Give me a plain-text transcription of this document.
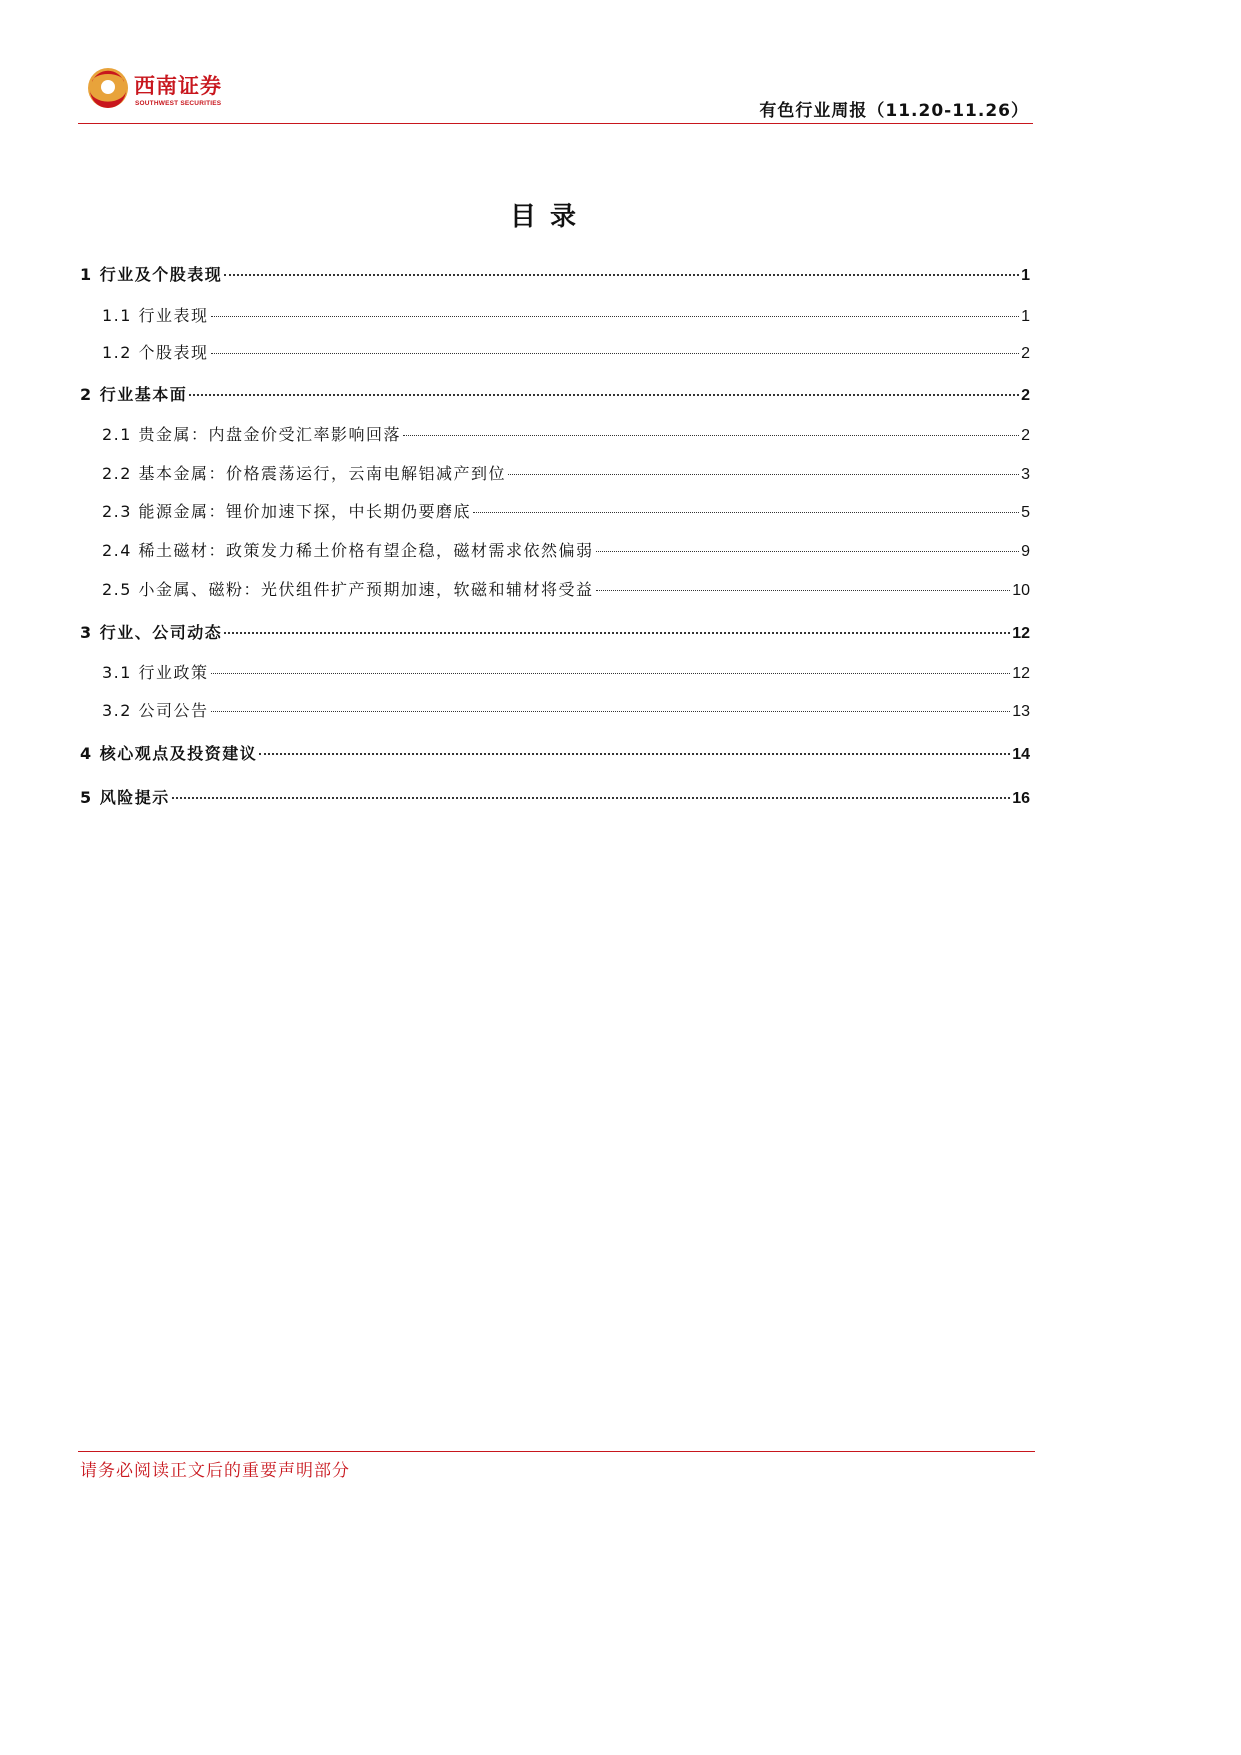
西南证券
SOUTHWEST SECURITIES	有色行业周报（11.20-11.26）
目录
1 行业及个股表现	1
1.1 行业表现	1
1.2 个股表现	2
2 行业基本面	2
2.1 贵金属：内盘金价受汇率影响回落	2
2.2 基本金属：价格震荡运行，云南电解铝减产到位	3
2.3 能源金属：锂价加速下探，中长期仍要磨底	5
2.4 稀土磁材：政策发力稀土价格有望企稳，磁材需求依然偏弱	9
2.5 小金属、磁粉：光伏组件扩产预期加速，软磁和辅材将受益	10
3 行业、公司动态	12
3.1 行业政策	12
3.2 公司公告	13
4 核心观点及投资建议	14
5 风险提示	16
请务必阅读正文后的重要声明部分
